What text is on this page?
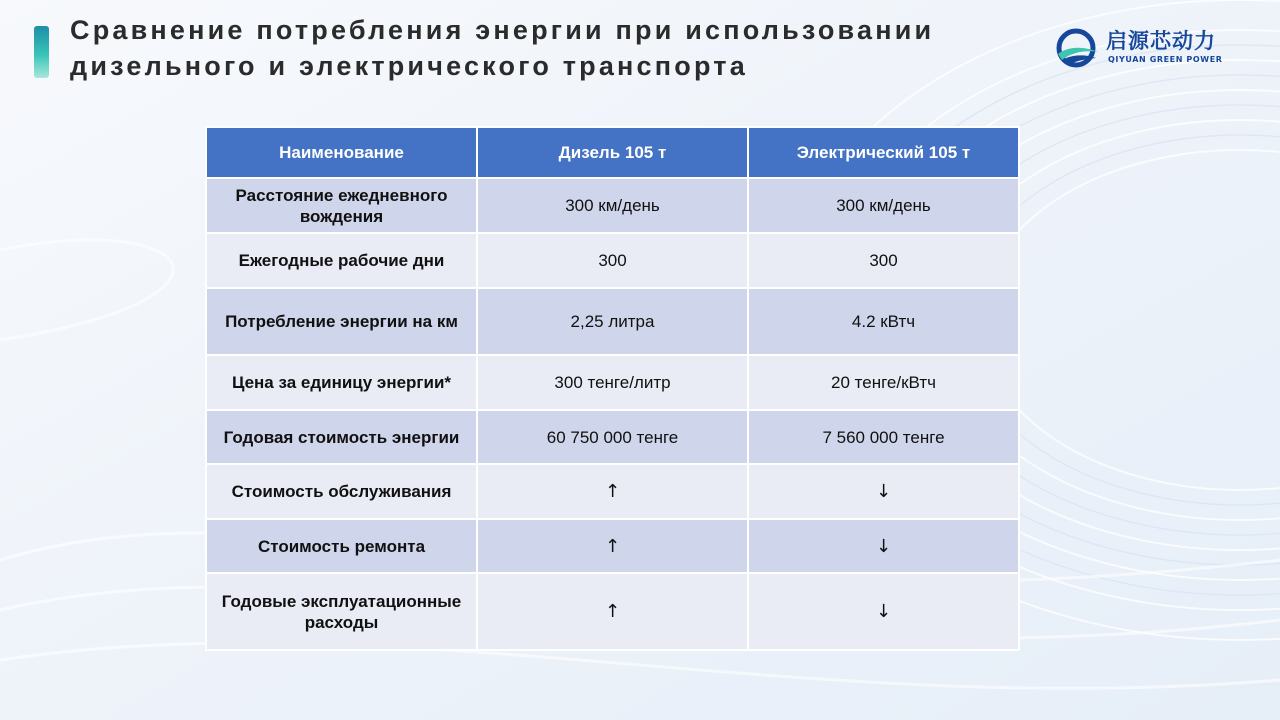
Сравнение потребления энергии при использовании дизельного и электрического транспорта
启源芯动力
QIYUAN GREEN POWER
Наименование	Дизель 105 т	Электрический 105 т
Расстояние ежедневного вождения	300 км/день	300 км/день
Ежегодные рабочие дни	300	300
Потребление энергии на км	2,25 литра	4.2 кВтч
Цена за единицу энергии*	300 тенге/литр	20 тенге/кВтч
Годовая стоимость энергии	60 750 000 тенге	7 560 000 тенге
Стоимость обслуживания	↑	↓
Стоимость ремонта	↑	↓
Годовые эксплуатационные расходы	↑	↓
